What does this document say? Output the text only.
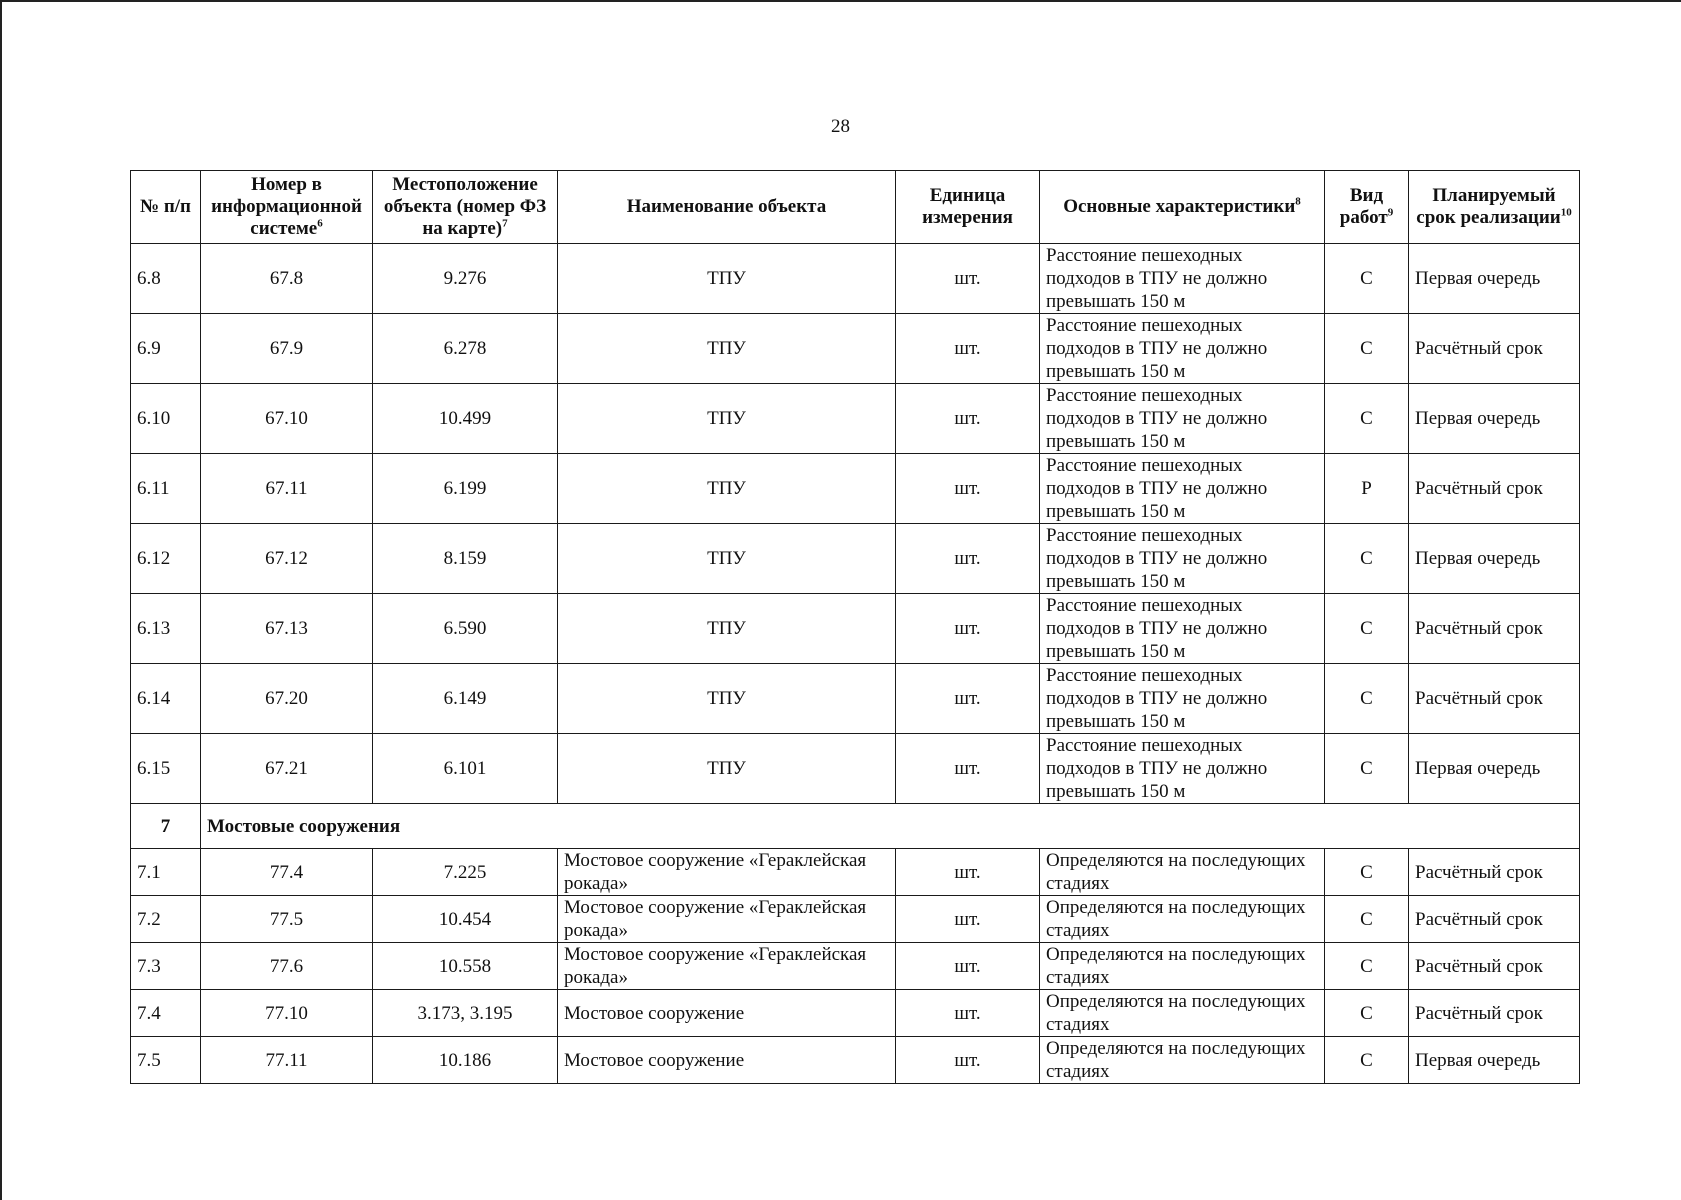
28
№ п/п	Номер в информационной системе$^6$	Местоположение объекта (номер ФЗ на карте)$^7$	Наименование объекта	Единица измерения	Основные характеристики$^8$	Вид работ$^9$	Планируемый срок реализации$^{10}$
6.8	67.8	9.276	ТПУ	шт.	Расстояние пешеходных подходов в ТПУ не должно превышать 150 м	С	Первая очередь
6.9	67.9	6.278	ТПУ	шт.	Расстояние пешеходных подходов в ТПУ не должно превышать 150 м	С	Расчётный срок
6.10	67.10	10.499	ТПУ	шт.	Расстояние пешеходных подходов в ТПУ не должно превышать 150 м	С	Первая очередь
6.11	67.11	6.199	ТПУ	шт.	Расстояние пешеходных подходов в ТПУ не должно превышать 150 м	Р	Расчётный срок
6.12	67.12	8.159	ТПУ	шт.	Расстояние пешеходных подходов в ТПУ не должно превышать 150 м	С	Первая очередь
6.13	67.13	6.590	ТПУ	шт.	Расстояние пешеходных подходов в ТПУ не должно превышать 150 м	С	Расчётный срок
6.14	67.20	6.149	ТПУ	шт.	Расстояние пешеходных подходов в ТПУ не должно превышать 150 м	С	Расчётный срок
6.15	67.21	6.101	ТПУ	шт.	Расстояние пешеходных подходов в ТПУ не должно превышать 150 м	С	Первая очередь
7	Мостовые сооружения						
7.1	77.4	7.225	Мостовое сооружение «Гераклейская рокада»	шт.	Определяются на последующих стадиях	С	Расчётный срок
7.2	77.5	10.454	Мостовое сооружение «Гераклейская рокада»	шт.	Определяются на последующих стадиях	С	Расчётный срок
7.3	77.6	10.558	Мостовое сооружение «Гераклейская рокада»	шт.	Определяются на последующих стадиях	С	Расчётный срок
7.4	77.10	3.173, 3.195	Мостовое сооружение	шт.	Определяются на последующих стадиях	С	Расчётный срок
7.5	77.11	10.186	Мостовое сооружение	шт.	Определяются на последующих стадиях	С	Первая очередь
